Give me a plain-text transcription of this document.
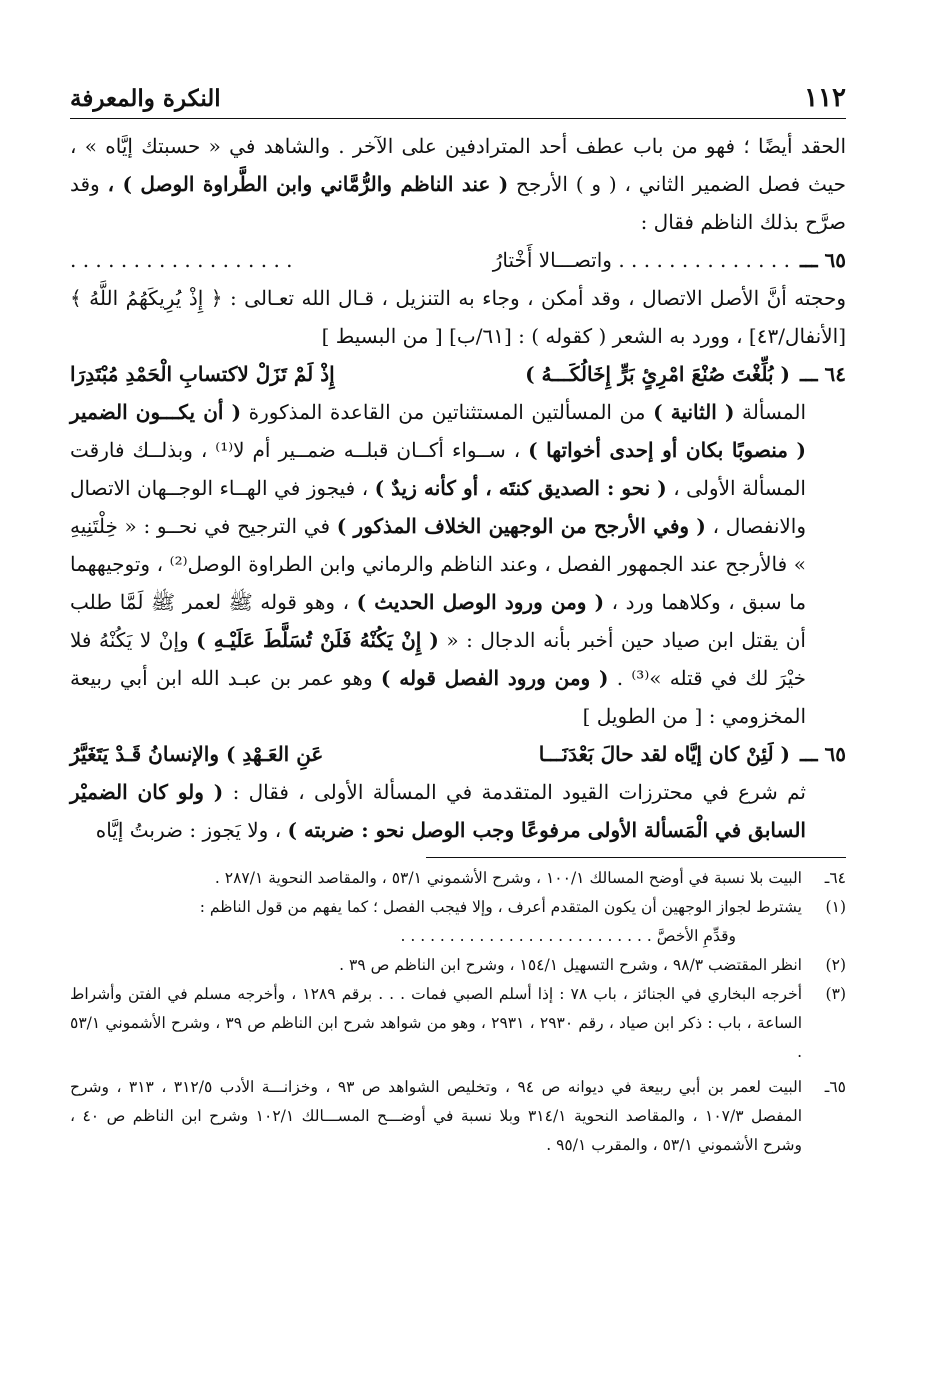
١١٢
النكرة والمعرفة

الحقد أيضًا ؛ فهو من باب عطف أحد المترادفين على الآخر . والشاهد في « حسبتك إيَّاه » ، حيث فصل الضمير الثاني ، ( و ) الأرجح ( عند الناظم والرُّمَّاني وابن الطَّراوة الوصل ) ، وقد صرَّح بذلك الناظم فقال :

٦٥ ـــ
. . . . . . . . . . . . . . واتصـــالا أَخْتارُ
. . . . . . . . . . . . . . . . . .

وحجته أنَّ الأصل الاتصال ، وقد أمكن ، وجاء به التنزيل ، قـال الله تعـالى : ﴿ إِذْ يُرِيكَهُمُ اللَّهُ ﴾ [الأنفال/٤٣] ، وورد به الشعر ( كقوله ) : [٦١/ب] [ من البسيط ]

٦٤ ـــ
( بُلِّغْتَ صُنْعَ امْرِئٍ بَرٍّ إِخَالُكَـــهُ )
إِذْ لَمْ تَزَلْ لاكتسابِ الْحَمْدِ مُبْتَدِرَا

المسألة ( الثانية ) من المسألتين المستثناتين من القاعدة المذكورة ( أن يكـــون الضمير ( منصوبًا بكان أو إحدى أخواتها ) ، ســواء أكــان قبلــه ضمــير أم لا⁽¹⁾ ، وبذلــك فارقت المسألة الأولى ، ( نحو : الصديق كنتَه ، أو كأنه زيدٌ ) ، فيجوز في الهــاء الوجــهان الاتصال والانفصال ، ( وفي الأرجح من الوجهين الخلاف المذكور ) في الترجيح في نحــو : « خِلْتَنِيهِ » فالأرجح عند الجمهور الفصل ، وعند الناظم والرماني وابن الطراوة الوصل⁽²⁾ ، وتوجيههما ما سبق ، وكلاهما ورد ، ( ومن ورود الوصل الحديث ) ، وهو قوله ﷺ لعمر ﷺ لَمَّا طلب أن يقتل ابن صياد حين أخبر بأنه الدجال : « ( إِنْ يَكُنْهُ فَلَنْ تُسَلَّطَ عَلَيْـهِ ) وإنْ لا يَكُنْهُ فلا خيْرَ لك في قتله »⁽³⁾ . ( ومن ورود الفصل قوله ) وهو عمر بن عبـد الله ابن أبي ربيعة المخزومي : [ من الطويل ]

٦٥ ـــ
( لَئِنْ كان إيَّاه لقد حالَ بَعْدَنَـــا
عَنِ العَـهْدِ ) والإنسانُ قَـدْ يَتَغَيَّرُ

ثم شرع في محترزات القيود المتقدمة في المسألة الأولى ، فقال : ( ولو كان الضميْر السابق في الْمَسألة الأولى مرفوعًا وجب الوصل نحو : ضربته ) ، ولا يَجوز : ضربتُ إيَّاه

٦٤ـ
البيت بلا نسبة في أوضح المسالك ١٠٠/١ ، وشرح الأشموني ٥٣/١ ، والمقاصد النحوية ٢٨٧/١ .
(١)
يشترط لجواز الوجهين أن يكون المتقدم أعرف ، وإلا فيجب الفصل ؛ كما يفهم من قول الناظم :
وقدِّمِ الأخصَّ . . . . . . . . . . . . . . . . . . . . . . . . . .
(٢)
انظر المقتضب ٩٨/٣ ، وشرح التسهيل ١٥٤/١ ، وشرح ابن الناظم ص ٣٩ .
(٣)
أخرجه البخاري في الجنائز ، باب ٧٨ : إذا أسلم الصبي فمات . . . برقم ١٢٨٩ ، وأخرجه مسلم في الفتن وأشراط الساعة ، باب : ذكر ابن صياد ، رقم ٢٩٣٠ ، ٢٩٣١ ، وهو من شواهد شرح ابن الناظم ص ٣٩ ، وشرح الأشموني ٥٣/١ .
٦٥ـ
البيت لعمر بن أبي ربيعة في ديوانه ص ٩٤ ، وتخليص الشواهد ص ٩٣ ، وخزانـــة الأدب ٣١٢/٥ ، ٣١٣ ، وشرح المفصل ١٠٧/٣ ، والمقاصد النحوية ٣١٤/١ وبلا نسبة في أوضـــح المســـالك ١٠٢/١ وشرح ابن الناظم ص ٤٠ ، وشرح الأشموني ٥٣/١ ، والمقرب ٩٥/١ .
